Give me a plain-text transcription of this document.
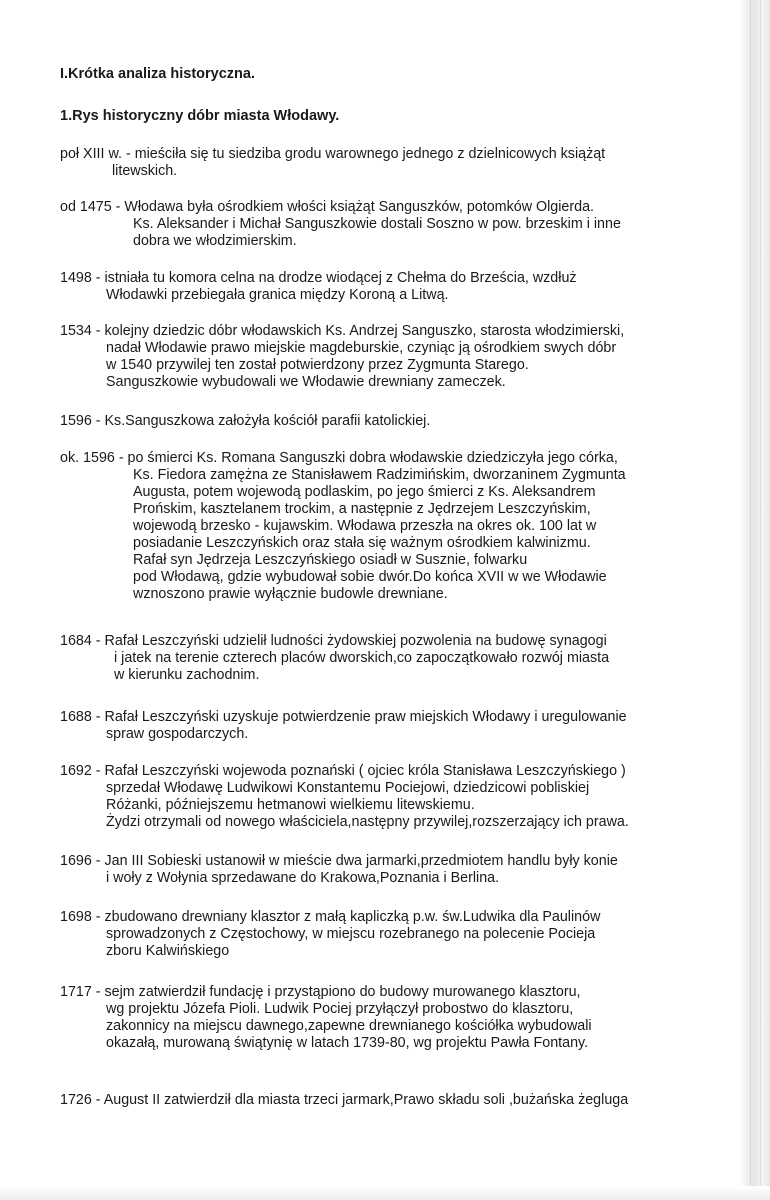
I.Krótka analiza historyczna.
1.Rys historyczny dóbr miasta Włodawy.
poł XIII w. - mieściła się tu siedziba grodu warownego jednego z dzielnicowych książąt
litewskich.
od 1475 - Włodawa była ośrodkiem włości książąt Sanguszków, potomków Olgierda.
Ks. Aleksander i Michał Sanguszkowie dostali Soszno w pow. brzeskim i inne
dobra we włodzimierskim.
1498 - istniała tu komora celna na drodze wiodącej z Chełma do Brześcia, wzdłuż
Włodawki przebiegała granica między Koroną a Litwą.
1534 - kolejny dziedzic dóbr włodawskich Ks. Andrzej Sanguszko, starosta włodzimierski,
nadał Włodawie prawo miejskie magdeburskie, czyniąc ją ośrodkiem swych dóbr
w 1540 przywilej ten został potwierdzony przez Zygmunta Starego.
Sanguszkowie wybudowali we Włodawie drewniany zameczek.
1596 - Ks.Sanguszkowa założyła kościół parafii katolickiej.
ok. 1596 - po śmierci Ks. Romana Sanguszki dobra włodawskie dziedziczyła jego córka,
Ks. Fiedora zamężna ze Stanisławem Radzimińskim, dworzaninem Zygmunta
Augusta, potem wojewodą podlaskim, po jego śmierci z Ks. Aleksandrem
Prońskim, kasztelanem trockim, a następnie z Jędrzejem Leszczyńskim,
wojewodą brzesko - kujawskim. Włodawa przeszła na okres ok. 100 lat w
posiadanie Leszczyńskich oraz stała się ważnym ośrodkiem kalwinizmu.
Rafał syn Jędrzeja Leszczyńskiego osiadł w Susznie, folwarku
pod Włodawą, gdzie wybudował sobie dwór.Do końca XVII w we Włodawie
wznoszono prawie wyłącznie budowle drewniane.
1684 - Rafał Leszczyński udzielił ludności żydowskiej pozwolenia na budowę synagogi
i jatek na terenie czterech placów dworskich,co zapoczątkowało rozwój miasta
w kierunku zachodnim.
1688 - Rafał Leszczyński uzyskuje potwierdzenie praw miejskich Włodawy i uregulowanie
spraw gospodarczych.
1692 - Rafał Leszczyński wojewoda poznański ( ojciec króla Stanisława Leszczyńskiego )
sprzedał Włodawę Ludwikowi Konstantemu Pociejowi, dziedzicowi pobliskiej
Różanki, późniejszemu hetmanowi wielkiemu litewskiemu.
Żydzi otrzymali od nowego właściciela,następny przywilej,rozszerzający ich prawa.
1696 - Jan III Sobieski ustanowił w mieście dwa jarmarki,przedmiotem handlu były konie
i woły z Wołynia sprzedawane do Krakowa,Poznania i Berlina.
1698 - zbudowano drewniany klasztor z małą kapliczką p.w. św.Ludwika dla Paulinów
sprowadzonych z Częstochowy, w miejscu rozebranego na polecenie Pocieja
zboru Kalwińskiego
1717 - sejm zatwierdził fundację i przystąpiono do budowy murowanego klasztoru,
wg projektu Józefa Pioli. Ludwik Pociej przyłączył probostwo do klasztoru,
zakonnicy na miejscu dawnego,zapewne drewnianego kościółka wybudowali
okazałą, murowaną świątynię w latach 1739-80, wg projektu Pawła Fontany.
1726 - August II zatwierdził dla miasta trzeci jarmark,Prawo składu soli ,bużańska żegluga
